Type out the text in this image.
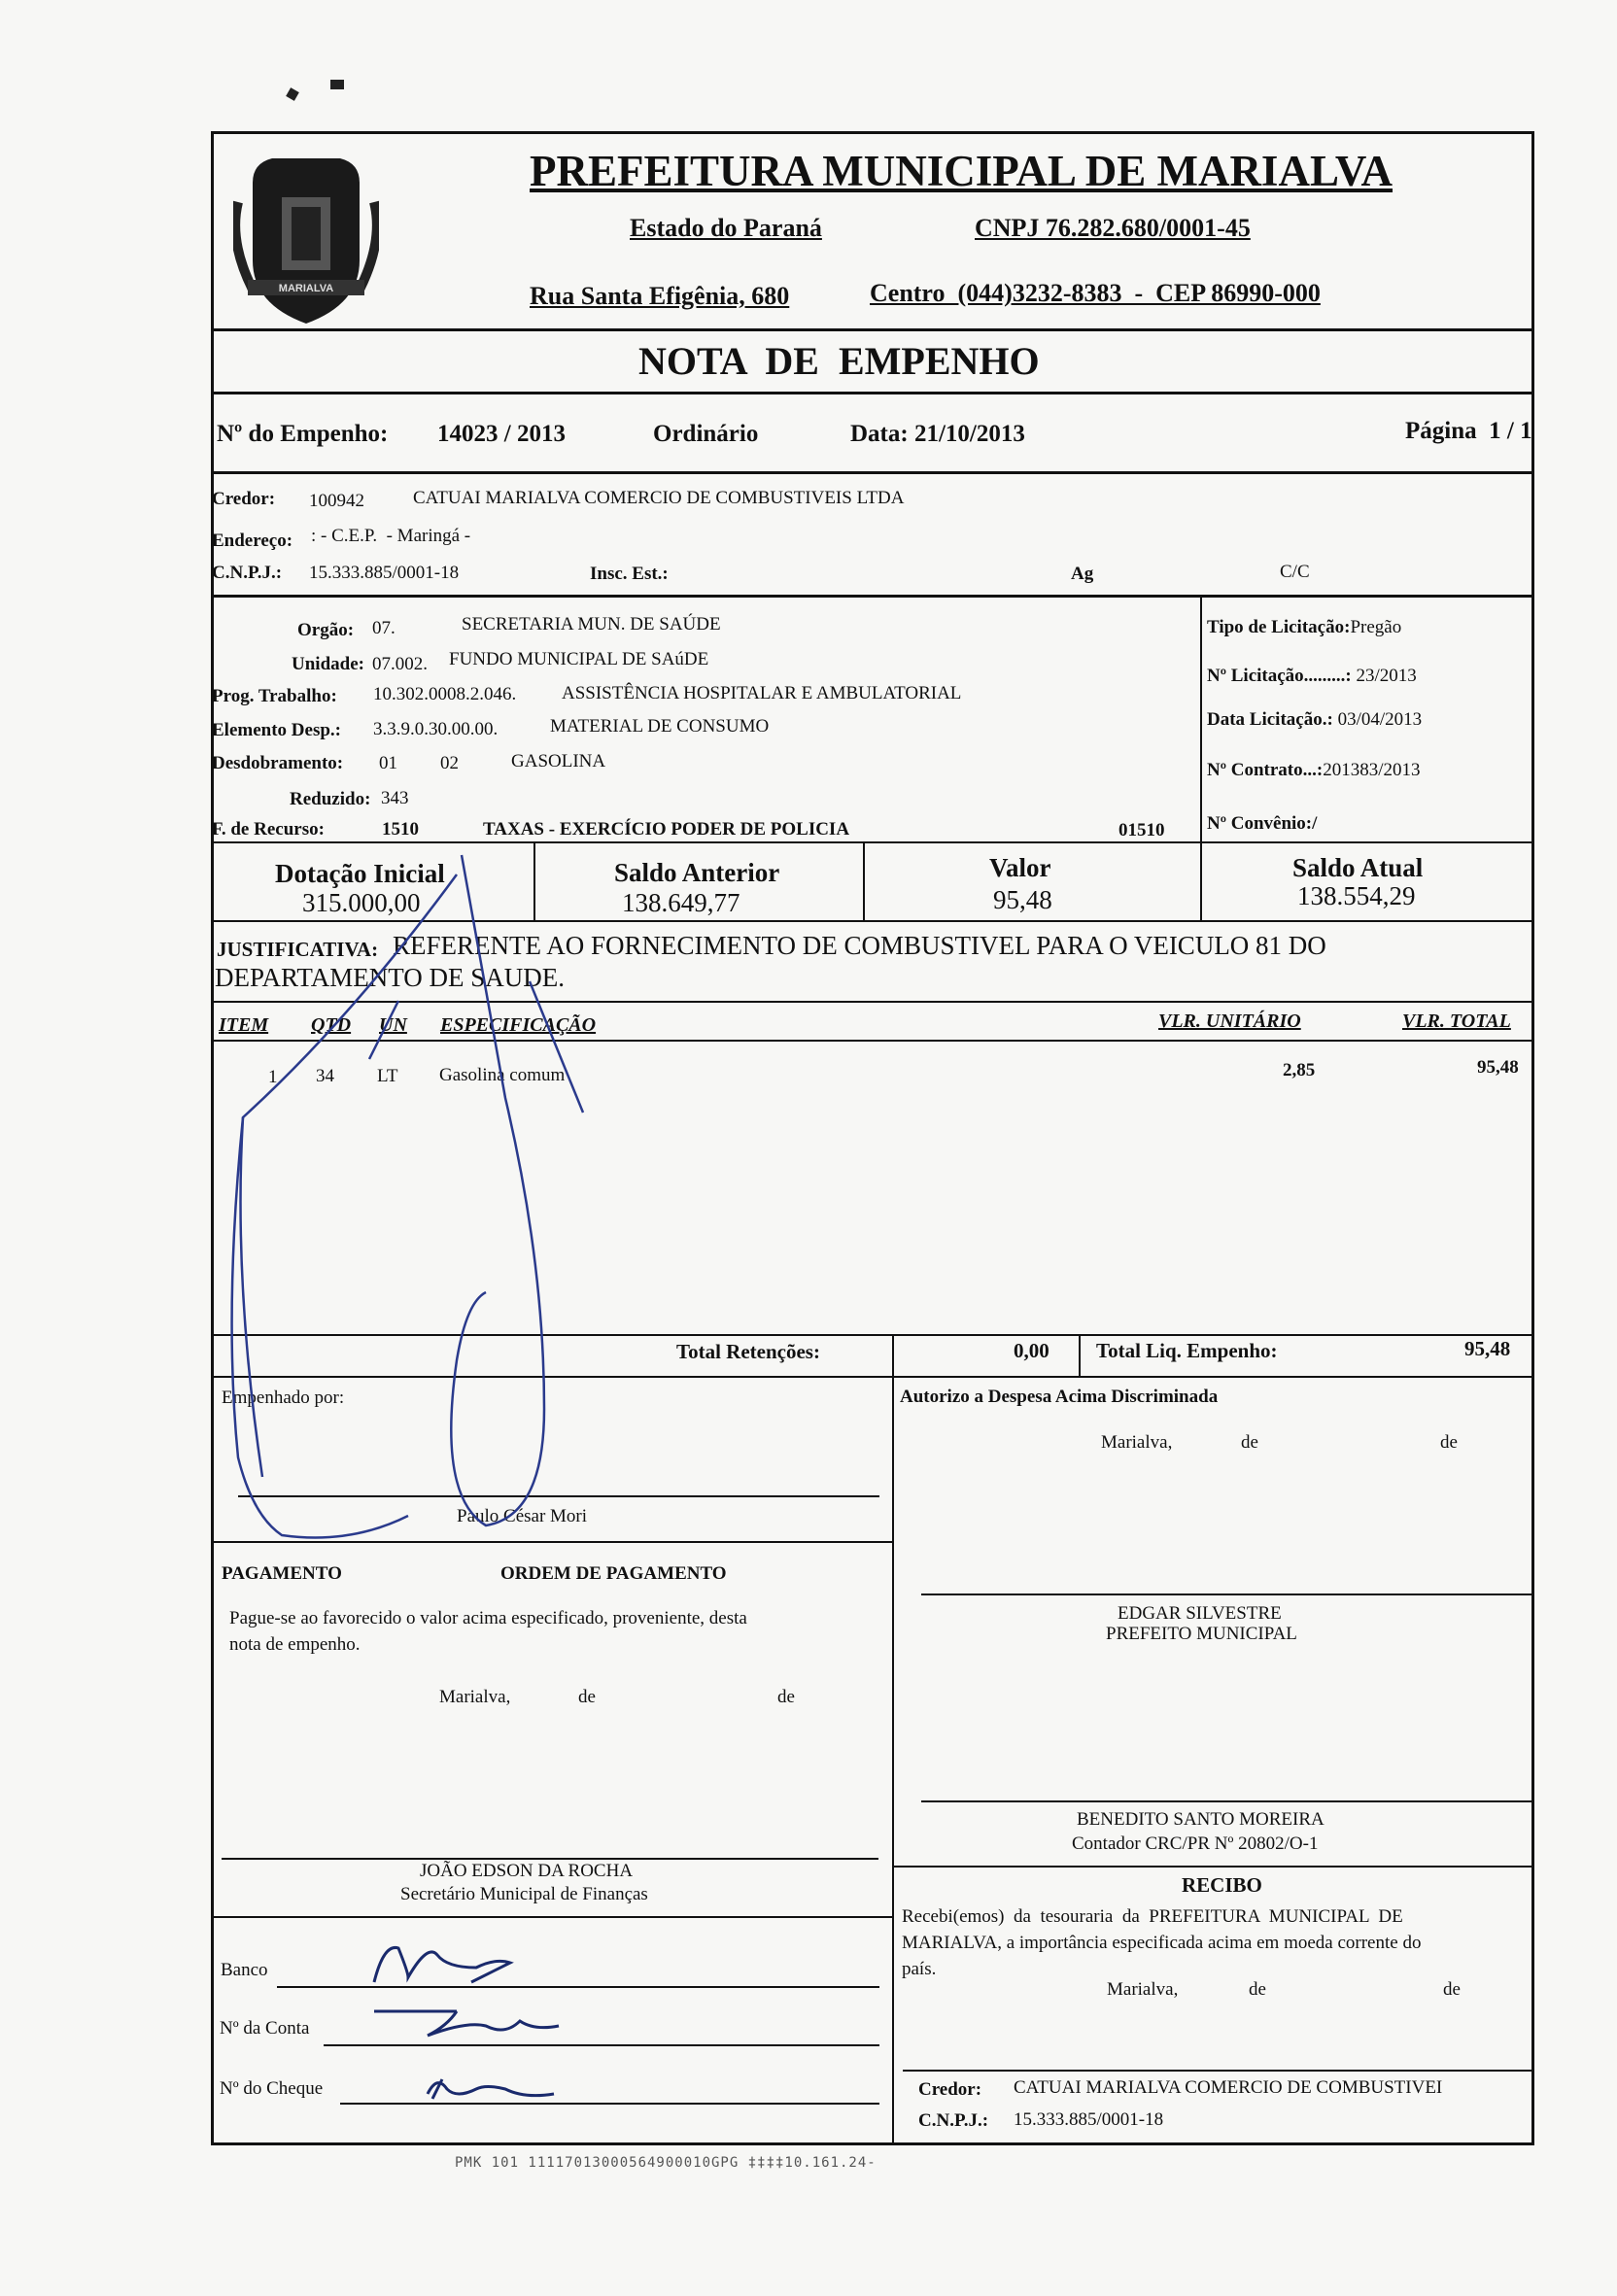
MARIALVA
PREFEITURA MUNICIPAL DE MARIALVA
Estado do Paraná	CNPJ 76.282.680/0001-45
Rua Santa Efigênia, 680	Centro  (044)3232-8383  -  CEP 86990-000
NOTA  DE  EMPENHO
Nº do Empenho: 14023 / 2013	Ordinário	Data: 21/10/2013	Página  1 / 1
Credor: 100942	CATUAI MARIALVA COMERCIO DE COMBUSTIVEIS LTDA
Endereço: : - C.E.P.  - Maringá -
C.N.P.J.: 15.333.885/0001-18	Insc. Est.:	Ag	C/C
Orgão: 07.	SECRETARIA MUN. DE SAÚDE
Unidade: 07.002. FUNDO MUNICIPAL DE SAúDE
Prog. Trabalho: 10.302.0008.2.046. ASSISTÊNCIA HOSPITALAR E AMBULATORIAL
Elemento Desp.: 3.3.9.0.30.00.00.	MATERIAL DE CONSUMO
Desdobramento: 01 02	GASOLINA
Reduzido: 343
F. de Recurso:	1510	TAXAS - EXERCÍCIO PODER DE POLICIA	01510
Tipo de Licitação:Pregão
Nº Licitação.........: 23/2013
Data Licitação.: 03/04/2013
Nº Contrato...:201383/2013
Nº Convênio:/
Dotação Inicial
315.000,00
Saldo Anterior
138.649,77
Valor
95,48
Saldo Atual
138.554,29
JUSTIFICATIVA: REFERENTE AO FORNECIMENTO DE COMBUSTIVEL PARA O VEICULO 81 DO
DEPARTAMENTO DE SAUDE.
ITEM QTD UN ESPECIFICAÇÃO	VLR. UNITÁRIO	VLR. TOTAL
1 34 LT Gasolina comum	2,85	95,48
Total Retenções:	0,00 Total Liq. Empenho:	95,48
Empenhado por:
Paulo César Mori
Autorizo a Despesa Acima Discriminada
Marialva,	de	de
PAGAMENTO	ORDEM DE PAGAMENTO
Pague-se ao favorecido o valor acima especificado, proveniente, desta
nota de empenho.
Marialva,	de	de
EDGAR SILVESTRE
PREFEITO MUNICIPAL
BENEDITO SANTO MOREIRA
Contador CRC/PR Nº 20802/O-1
JOÃO EDSON DA ROCHA
Secretário Municipal de Finanças
Banco
Nº da Conta
Nº do Cheque
RECIBO
Recebi(emos)  da  tesouraria  da  PREFEITURA  MUNICIPAL  DE
MARIALVA, a importância especificada acima em moeda corrente do
país.
Marialva,	de	de
Credor: CATUAI MARIALVA COMERCIO DE COMBUSTIVEI
C.N.P.J.: 15.333.885/0001-18
PMK 101 11117013000564900010GPG ‡‡‡‡10.161.24-
